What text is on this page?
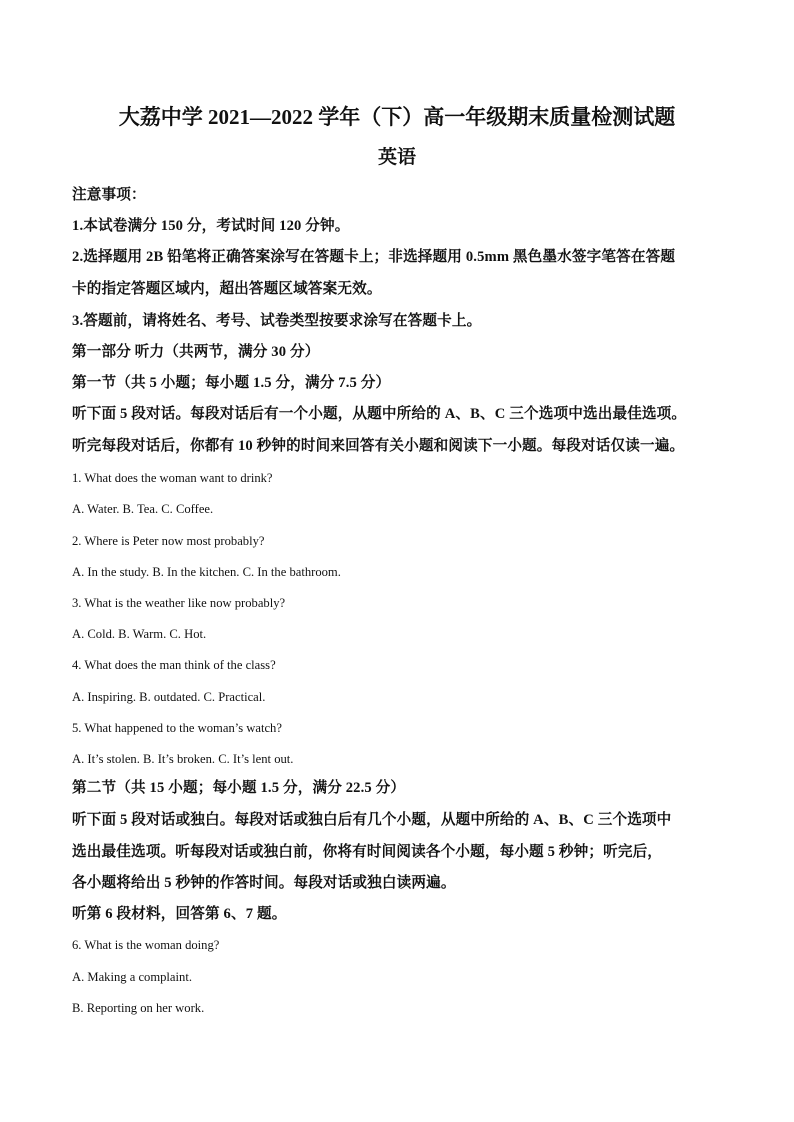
大荔中学 2021—2022 学年（下）高一年级期末质量检测试题
英语
注意事项：
1.本试卷满分 150 分，考试时间 120 分钟。
2.选择题用 2B 铅笔将正确答案涂写在答题卡上；非选择题用 0.5mm 黑色墨水签字笔答在答题
卡的指定答题区域内，超出答题区域答案无效。
3.答题前，请将姓名、考号、试卷类型按要求涂写在答题卡上。
第一部分 听力（共两节，满分 30 分）
第一节（共 5 小题；每小题 1.5 分，满分 7.5 分）
听下面 5 段对话。每段对话后有一个小题，从题中所给的 A、B、C 三个选项中选出最佳选项。
听完每段对话后，你都有 10 秒钟的时间来回答有关小题和阅读下一小题。每段对话仅读一遍。
1. What does the woman want to drink?
A. Water. B. Tea. C. Coffee.
2. Where is Peter now most probably?
A. In the study. B. In the kitchen. C. In the bathroom.
3. What is the weather like now probably?
A. Cold. B. Warm. C. Hot.
4. What does the man think of the class?
A. Inspiring. B. outdated. C. Practical.
5. What happened to the woman’s watch?
A. It’s stolen. B. It’s broken. C. It’s lent out.
第二节（共 15 小题；每小题 1.5 分，满分 22.5 分）
听下面 5 段对话或独白。每段对话或独白后有几个小题，从题中所给的 A、B、C 三个选项中
选出最佳选项。听每段对话或独白前，你将有时间阅读各个小题，每小题 5 秒钟；听完后，
各小题将给出 5 秒钟的作答时间。每段对话或独白读两遍。
听第 6 段材料，回答第 6、7 题。
6. What is the woman doing?
A. Making a complaint.
B. Reporting on her work.
